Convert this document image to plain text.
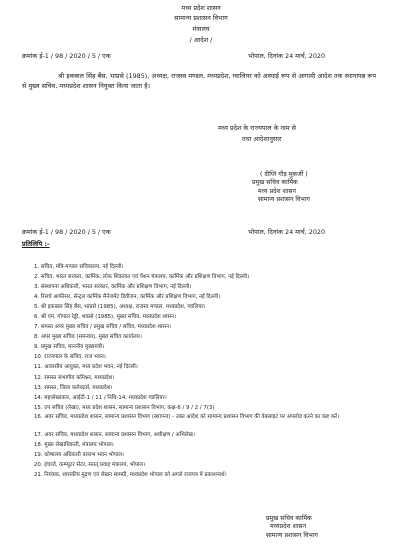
मध्य प्रदेश शासन
सामान्य प्रशासन विभाग
मंत्रालय
/ आदेश /
क्रमांक ई-1 / 98 / 2020 / 5 / एक	भोपाल, दिनांक 24 मार्च, 2020
श्री इकबाल सिंह बैंस, भाप्रसे (1985), अध्यक्ष, राजस्व मण्डल, मध्यप्रदेश, ग्वालियर को अस्थाई रूप से आगामी आदेश तक स्थानापन्न रूप से मुख्य सचिव, मध्यप्रदेश शासन नियुक्त किया जाता है।
मध्य प्रदेश के राज्यपाल के नाम से
तथा आदेशानुसार
( दीप्ति गौड़ मुकर्जी )
प्रमुख सचिव कार्मिक
मध्य प्रदेश शासन
सामान्य प्रशासन विभाग
क्रमांक ई-1 / 98 / 2020 / 5 / एक	भोपाल, दिनांक 24 मार्च, 2020
प्रतिलिपि :-
1. सचिव, मंत्रि-मण्डल सचिवालय, नई दिल्ली।
2. सचिव, भारत सरकार, कार्मिक, लोक शिकायत एवं पेंशन मंत्रालय, कार्मिक और प्रशिक्षण विभाग, नई दिल्ली।
3. संस्थापना अधिकारी, भारत सरकार, कार्मिक और प्रशिक्षण विभाग, नई दिल्ली।
4. रिसर्च आफीसर, सेन्ट्रल कार्मिक मैनेजमेंट डिवीजन, कार्मिक और प्रशिक्षण विभाग, नई दिल्ली।
5. श्री इकबाल सिंह बैंस, भाप्रसे (1985), अध्यक्ष, राजस्व मण्डल, मध्यप्रदेश, ग्वालियर।
6. श्री एम. गोपाल रेड्डी, भाप्रसे (1985), मुख्य सचिव, मध्यप्रदेश शासन।
7. समस्त अपर मुख्य सचिव / प्रमुख सचिव / सचिव, मध्यप्रदेश शासन।
8. अपर मुख्य सचिव (समन्वय), मुख्य सचिव कार्यालय।
9. प्रमुख सचिव, माननीय मुख्यमंत्री।
10. राज्यपाल के सचिव, राज भवन।
11. आवासीय आयुक्त, मध्य प्रदेश भवन, नई दिल्ली।
12. समस्त संभागीय कमिश्नर, मध्यप्रदेश।
13. समस्त, जिला कलेक्टर्स, मध्यप्रदेश।
14. महालेखाकार, आईटी-1 / 11 / निधि-14, मध्यप्रदेश ग्वालियर।
15. उप सचिव (लेखा), मध्य प्रदेश शासन, सामान्य प्रशासन विभाग, कक्ष-6 / 9 / 2 / 7(3)
16. अवर सचिव, मध्यप्रदेश शासन, सामान्य प्रशासन विभाग (स्थापना) - उक्त आदेश को सामान्य प्रशासन विभाग की वेबसाइट पर अपलोड करने का कष्ट करें।
17. अवर सचिव, मध्यप्रदेश शासन, सामान्य प्रशासन विभाग, अधीक्षण / अभिलेख।
18. मुख्य लेखाधिकारी, मंत्रालय भोपाल।
19. कोषालय अधिकारी वल्लभ भवन भोपाल।
20. इंचार्ज, कम्प्यूटर सेंटर, सतत् प्रवाह मंत्रालय, भोपाल।
21. नियंत्रक, शासकीय मुद्रण एवं लेखन सामग्री, मध्यप्रदेश भोपाल को अगले राजपत्र में प्रकाशनार्थ।
प्रमुख सचिव कार्मिक
मध्यप्रदेश शासन
सामान्य प्रशासन विभाग
